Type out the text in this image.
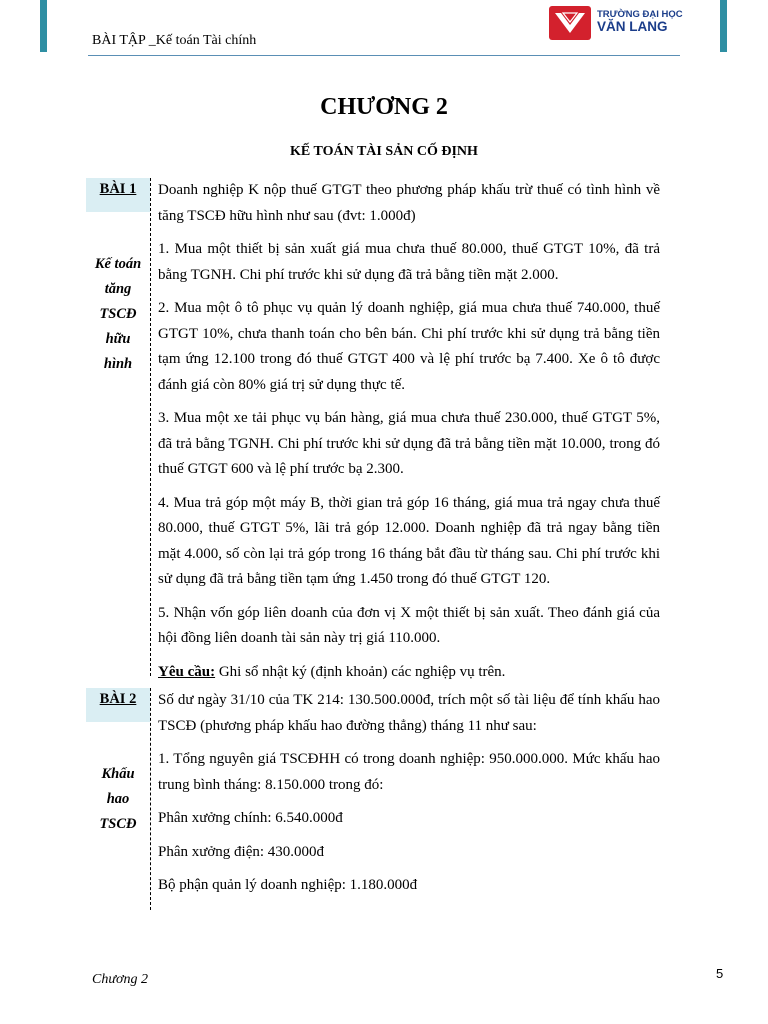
BÀI TẬP _Kế toán Tài chính
TRƯỜNG ĐẠI HỌC
VĂN LANG
CHƯƠNG 2
KẾ TOÁN TÀI SẢN CỐ ĐỊNH
BÀI 1
Kế toán
tăng
TSCĐ
hữu
hình

Doanh nghiệp K nộp thuế GTGT theo phương pháp khấu trừ thuế có tình hình về tăng TSCĐ hữu hình như sau (đvt: 1.000đ)

1. Mua một thiết bị sản xuất giá mua chưa thuế 80.000, thuế GTGT 10%, đã trả bằng TGNH. Chi phí trước khi sử dụng đã trả bằng tiền mặt 2.000.

2. Mua một ô tô phục vụ quản lý doanh nghiệp, giá mua chưa thuế 740.000, thuế GTGT 10%, chưa thanh toán cho bên bán. Chi phí trước khi sử dụng trả bằng tiền tạm ứng 12.100 trong đó thuế GTGT 400 và lệ phí trước bạ 7.400. Xe ô tô được đánh giá còn 80% giá trị sử dụng thực tế.

3. Mua một xe tải phục vụ bán hàng, giá mua chưa thuế 230.000, thuế GTGT 5%, đã trả bằng TGNH. Chi phí trước khi sử dụng đã trả bằng tiền mặt 10.000, trong đó thuế GTGT 600 và lệ phí trước bạ 2.300.

4. Mua trả góp một máy B, thời gian trả góp 16 tháng, giá mua trả ngay chưa thuế 80.000, thuế GTGT 5%, lãi trả góp 12.000. Doanh nghiệp đã trả ngay bằng tiền mặt 4.000, số còn lại trả góp trong 16 tháng bắt đầu từ tháng sau. Chi phí trước khi sử dụng đã trả bằng tiền tạm ứng 1.450 trong đó thuế GTGT 120.

5. Nhận vốn góp liên doanh của đơn vị X một thiết bị sản xuất. Theo đánh giá của hội đồng liên doanh tài sản này trị giá 110.000.

Yêu cầu: Ghi sổ nhật ký (định khoản) các nghiệp vụ trên.

BÀI 2
Khấu
hao
TSCĐ

Số dư ngày 31/10 của TK 214: 130.500.000đ, trích một số tài liệu để tính khấu hao TSCĐ (phương pháp khấu hao đường thẳng) tháng 11 như sau:

1. Tổng nguyên giá TSCĐHH có trong doanh nghiệp: 950.000.000. Mức khấu hao trung bình tháng: 8.150.000 trong đó:

Phân xưởng chính: 6.540.000đ

Phân xưởng điện: 430.000đ

Bộ phận quản lý doanh nghiệp: 1.180.000đ

Chương 2	5
